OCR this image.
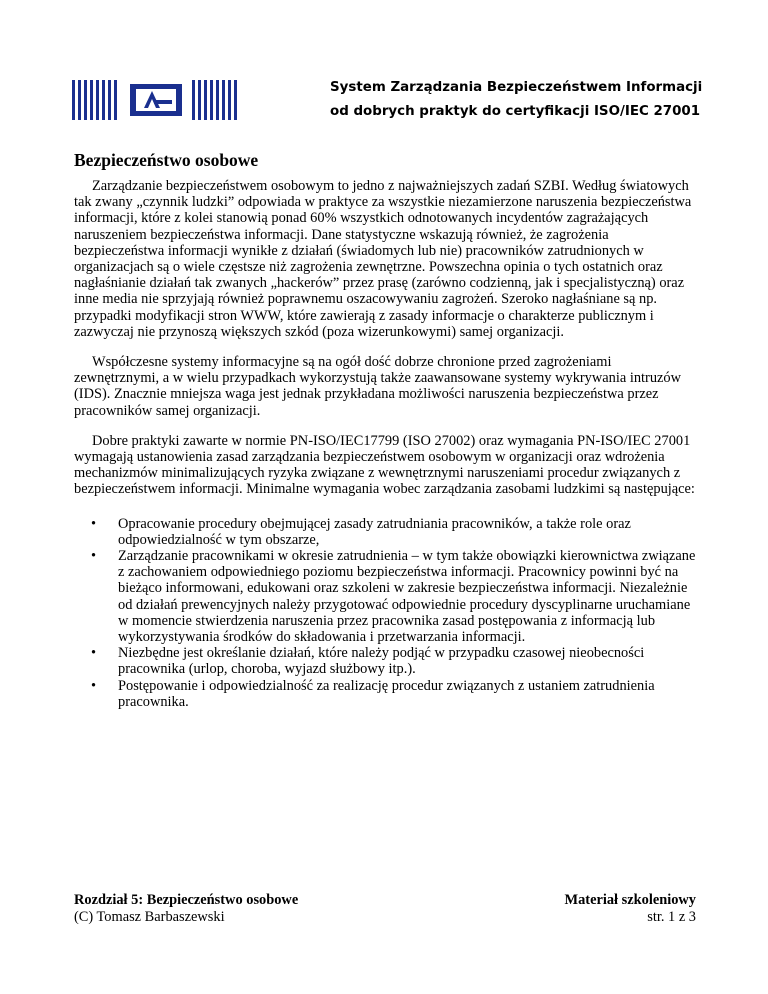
System Zarządzania Bezpieczeństwem Informacji
od dobrych praktyk do certyfikacji ISO/IEC 27001
Bezpieczeństwo osobowe

Zarządzanie bezpieczeństwem osobowym to jedno z najważniejszych zadań SZBI. Według światowych tak zwany „czynnik ludzki” odpowiada w praktyce za wszystkie niezamierzone naruszenia bezpieczeństwa informacji, które z kolei stanowią ponad 60% wszystkich odnotowanych incydentów zagrażających naruszeniem bezpieczeństwa informacji. Dane statystyczne wskazują również, że zagrożenia bezpieczeństwa informacji wynikłe z działań (świadomych lub nie) pracowników zatrudnionych w organizacjach są o wiele częstsze niż zagrożenia zewnętrzne. Powszechna opinia o tych ostatnich oraz nagłaśnianie działań tak zwanych „hackerów” przez prasę (zarówno codzienną, jak i specjalistyczną) oraz inne media nie sprzyjają również poprawnemu oszacowywaniu zagrożeń. Szeroko nagłaśniane są np. przypadki modyfikacji stron WWW, które zawierają z zasady informacje o charakterze publicznym i zazwyczaj nie przynoszą większych szkód (poza wizerunkowymi) samej organizacji.

Współczesne systemy informacyjne są na ogół dość dobrze chronione przed zagrożeniami zewnętrznymi, a w wielu przypadkach wykorzystują także zaawansowane systemy wykrywania intruzów (IDS). Znacznie mniejsza waga jest jednak przykładana możliwości naruszenia bezpieczeństwa przez pracowników samej organizacji.

Dobre praktyki zawarte w normie PN-ISO/IEC17799 (ISO 27002) oraz wymagania PN-ISO/IEC 27001 wymagają ustanowienia zasad zarządzania bezpieczeństwem osobowym w organizacji oraz wdrożenia mechanizmów minimalizujących ryzyka związane z wewnętrznymi naruszeniami procedur związanych z bezpieczeństwem informacji. Minimalne wymagania wobec zarządzania zasobami ludzkimi są następujące:

• Opracowanie procedury obejmującej zasady zatrudniania pracowników, a także role oraz odpowiedzialność w tym obszarze,
• Zarządzanie pracownikami w okresie zatrudnienia – w tym także obowiązki kierownictwa związane z zachowaniem odpowiedniego poziomu bezpieczeństwa informacji. Pracownicy powinni być na bieżąco informowani, edukowani oraz szkoleni w zakresie bezpieczeństwa informacji. Niezależnie od działań prewencyjnych należy przygotować odpowiednie procedury dyscyplinarne uruchamiane w momencie stwierdzenia naruszenia przez pracownika zasad postępowania z informacją lub wykorzystywania środków do składowania i przetwarzania informacji.
• Niezbędne jest określanie działań, które należy podjąć w przypadku czasowej nieobecności pracownika (urlop, choroba, wyjazd służbowy itp.).
• Postępowanie i odpowiedzialność za realizację procedur związanych z ustaniem zatrudnienia pracownika.
Rozdział 5: Bezpieczeństwo osobowe
(C) Tomasz Barbaszewski
Materiał szkoleniowy
str. 1 z 3
